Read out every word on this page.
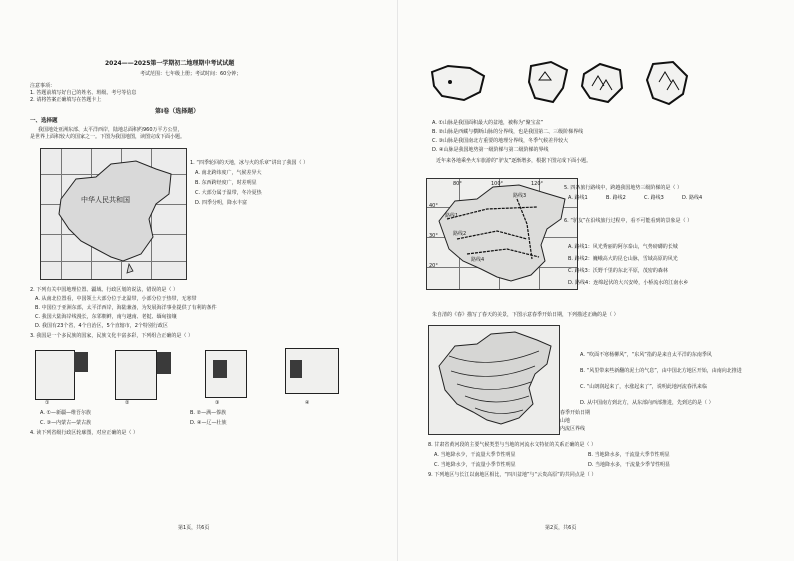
2024——2025第一学期初二地理期中考试试题
考试范围：七年级上册；考试时间：60分钟；
注意事项：
1. 答题前填写好自己的姓名、班级、考号等信息
2. 请将答案正确填写在答题卡上
第Ⅰ卷（选择题）
一、选择题
我国地处亚洲东部、太平洋西岸，陆地总面积约960万平方公里，
是世界上面积较大的国家之一。下图为我国地图，读图完成下面小题。
中华人民共和国
1. “四季轮回的天地，冰与火的乐章”讲出了我国（ ）
A. 南北跨纬度广，气候差异大
B. 东西跨经度广，时差明显
C. 大部分属于温带，冬冷夏热
D. 四季分明，降水丰富
2. 下列有关中国地理位置、疆域、行政区划的说法，错误的是（ ）
A. 从南北位置看，中国领土大部分位于北温带，小部分位于热带，无寒带
B. 中国位于亚洲东部，太平洋西岸，海陆兼备，为发展海洋事业提供了有利的条件
C. 我国大陆海岸线漫长，东邻朝鲜，南与越南、老挝、缅甸接壤
D. 我国有23个省，4个自治区，5个直辖市，2个特别行政区
3. 我国是一个多民族的国家，民族文化丰富多彩，下列组合正确的是（ ）
①	②	③	④
A. ①—新疆—维吾尔族	B. ②—满—傣族
C. ③—内蒙古—蒙古族	D. ④—辽—壮族
4. 读下列省级行政区轮廓图，对应正确的是（ ）
第1页，共6页
A. ①山脉是我国面积最大的盆地，被称为“聚宝盆”
B. ②山脉是西藏与横断山脉的分界线，也是我国第二、三级阶梯界线
C. ③山脉是我国南北方重要的地理分界线，冬季气候差异较大
D. ④山脉是我国地势第一级阶梯与第二级阶梯的界线
近年来各地乘坐火车旅游的“驴友”逐渐增多，根据下图完成下面小题。
路线1
路线2
路线3
路线4
40°
30°
20°
80°	100°	120°
5. 四条旅行路线中，跨越我国地势三级阶梯的是（ ）
A. 路线1	B. 路线2	C. 路线3	D. 路线4
6. “驴友”在沿线旅行过程中，看不可能看到的景象是（ ）
A. 路线1：风光秀丽的阿尔泰山，气势磅礴的长城
B. 路线2：巍峨高大的昆仑山脉，雪域高原的风光
C. 路线3：沃野千里的东北平原，茂密的森林
D. 路线4：连绵起伏的大兴安岭，小桥流水的江南水乡
朱自清的《春》描写了春天的美景，下图示意春季开始日期，下列描述正确的是（ ）
春季开始日期
山地
内流区界线
A. “吹面不寒杨柳风”，“东风”指的是来自太平洋的东南季风
B. “风里带来些新翻的泥土的气息”，由中国北方地区开始，由南向北推进
C. “山朗润起来了，水涨起来了”，说明此地河流春汛来临
D. 从中国南方到北方，从东部向西部推进，先到达的是（ ）
8. 甘肃省黄河段的主要气候类型与当地的河流水文特征的关系正确的是（ ）
A. 当地降水少，干流量大季节性明显	B. 当地降水多，干流量大季节性明显
C. 当地降水少，干流量小季节性明显	D. 当地降水多，干流量少季节性明显
9. 下列地区与长江以南地区相比，“四川盆地”与“云贵高原”的共同点是（ ）
第2页，共6页
